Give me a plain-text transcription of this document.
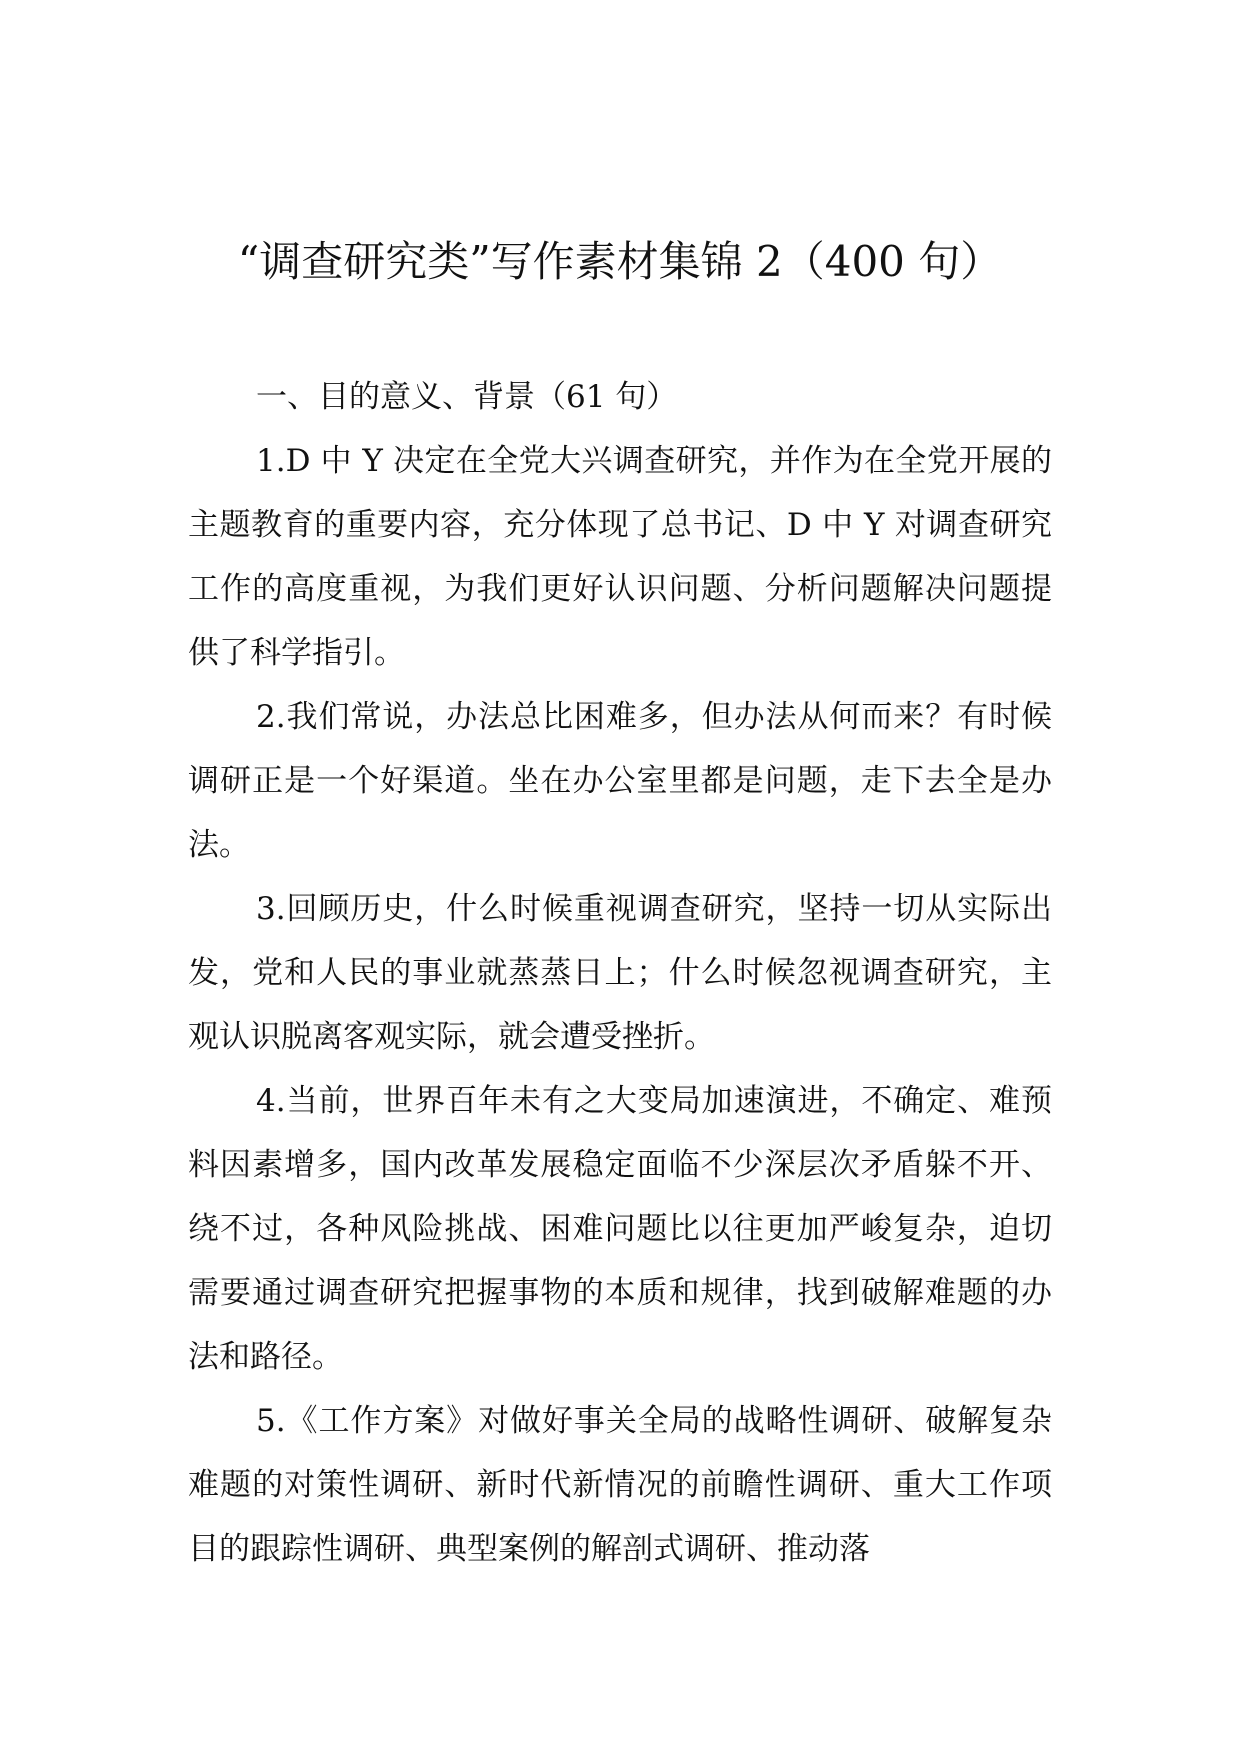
“调查研究类”写作素材集锦 2（400 句）

一、目的意义、背景（61 句）

1.D 中 Y 决定在全党大兴调查研究，并作为在全党开展的主题教育的重要内容，充分体现了总书记、D 中 Y 对调查研究工作的高度重视，为我们更好认识问题、分析问题解决问题提供了科学指引。

2.我们常说，办法总比困难多，但办法从何而来？有时候调研正是一个好渠道。坐在办公室里都是问题，走下去全是办法。

3.回顾历史，什么时候重视调查研究，坚持一切从实际出发，党和人民的事业就蒸蒸日上；什么时候忽视调查研究，主观认识脱离客观实际，就会遭受挫折。

4.当前，世界百年未有之大变局加速演进，不确定、难预料因素增多，国内改革发展稳定面临不少深层次矛盾躲不开、绕不过，各种风险挑战、困难问题比以往更加严峻复杂，迫切需要通过调查研究把握事物的本质和规律，找到破解难题的办法和路径。

5.《工作方案》对做好事关全局的战略性调研、破解复杂难题的对策性调研、新时代新情况的前瞻性调研、重大工作项目的跟踪性调研、典型案例的解剖式调研、推动落
